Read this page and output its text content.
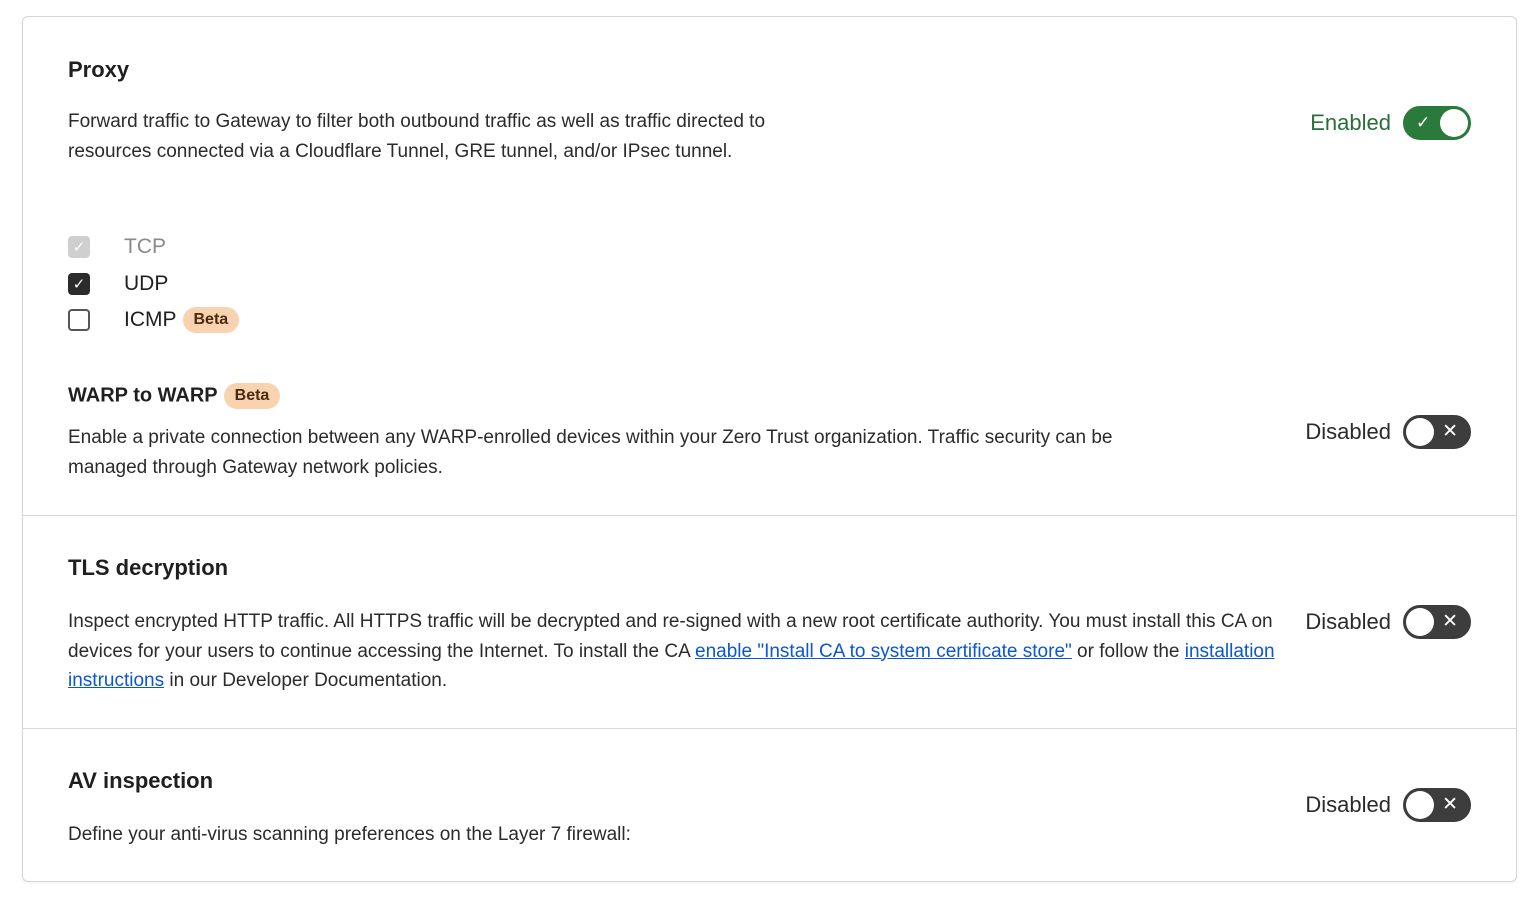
Proxy
Forward traffic to Gateway to filter both outbound traffic as well as traffic directed to resources connected via a Cloudflare Tunnel, GRE tunnel, and/or IPsec tunnel.
Enabled ✓
✓ TCP
✓ UDP
ICMP	Beta
WARP to WARP Beta
Enable a private connection between any WARP-enrolled devices within your Zero Trust organization. Traffic security can be managed through Gateway network policies.
Disabled	✕
TLS decryption
Inspect encrypted HTTP traffic. All HTTPS traffic will be decrypted and re-signed with a new root certificate authority. You must install this CA on devices for your users to continue accessing the Internet. To install the CA enable "Install CA to system certificate store" or follow the installation instructions in our Developer Documentation.
Disabled	✕
AV inspection
Define your anti-virus scanning preferences on the Layer 7 firewall:
Disabled	✕
